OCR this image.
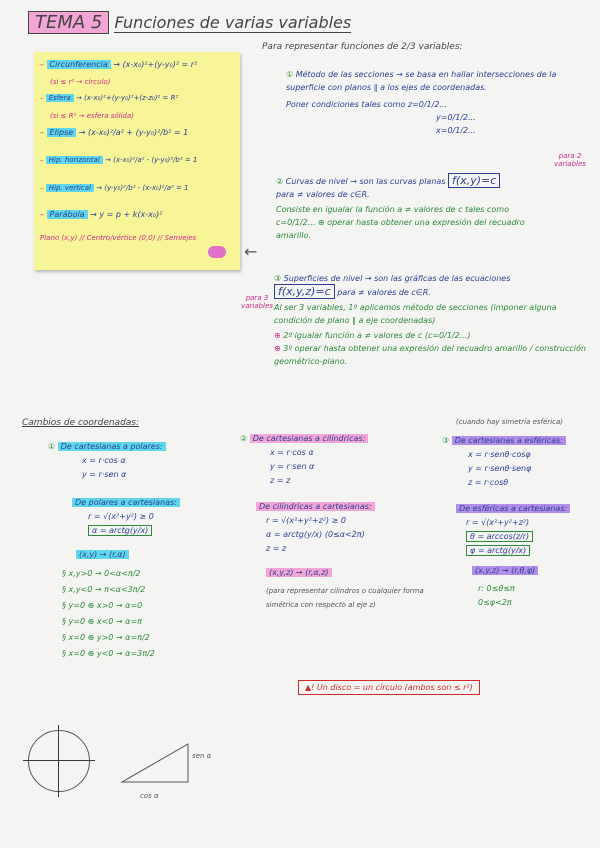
TEMA 5 Funciones de varias variables
– Circunferencia → (x-x₀)²+(y-y₀)² = r²
(si ≤ r² → círculo)
– Esfera → (x-x₀)²+(y-y₀)²+(z-z₀)² = R²
(si ≤ R² → esfera sólida)
– Elipse → (x-x₀)²/a² + (y-y₀)²/b² = 1
– Hip. horizontal → (x-x₀)²/a² - (y-y₀)²/b² = 1
– Hip. vertical → (y-y₀)²/b² - (x-x₀)²/a² = 1
– Parábola → y = p + k(x-x₀)²
Plano (x,y) // Centro/vértice (0,0) // Semiejes
←
Para representar funciones de 2/3 variables:
① Método de las secciones → se basa en hallar intersecciones de la superficie con planos ∥ a los ejes de coordenadas.
Poner condiciones tales como z=0/1/2...
y=0/1/2...
x=0/1/2...
② Curvas de nivel → son las curvas planas f(x,y)=c
para ≠ valores de c∈R.
Consiste en igualar la función a ≠ valores de c tales como c=0/1/2... ⊕ operar hasta obtener una expresión del recuadro amarillo.
para 2 variables
para 3 variables
③ Superficies de nivel → son las gráficas de las ecuaciones
f(x,y,z)=c para ≠ valores de c∈R.
Al ser 3 variables, 1º aplicamos método de secciones (imponer alguna condición de plano ∥ a eje coordenadas)
⊕ 2º igualar función a ≠ valores de c (c=0/1/2...)
⊕ 3º operar hasta obtener una expresión del recuadro amarillo / construcción geométrico-plano.
Cambios de coordenadas:
① De cartesianas a polares:
x = r·cos α
y = r·sen α
De polares a cartesianas:
r = √(x²+y²) ≥ 0
α = arctg(y/x)
(x,y) → (r,α)
§ x,y>0 → 0<α<π/2
§ x,y<0 → π<α<3π/2
§ y=0 ⊕ x>0 → α=0
§ y=0 ⊕ x<0 → α=π
§ x=0 ⊕ y>0 → α=π/2
§ x=0 ⊕ y<0 → α=3π/2
sen α
cos α
② De cartesianas a cilíndricas:
x = r·cos α
y = r·sen α
z = z
De cilíndricas a cartesianas:
r = √(x²+y²+z²) ≥ 0
α = arctg(y/x) (0≤α<2π)
z = z
(x,y,z) → (r,α,z)
(para representar cilindros o cualquier forma simétrica con respecto al eje z)
(cuando hay simetría esférica)
③ De cartesianas a esféricas:
x = r·senθ·cosφ
y = r·senθ·senφ
z = r·cosθ
De esféricas a cartesianas:
r = √(x²+y²+z²)
θ = arccos(z/r)
φ = arctg(y/x)
(x,y,z) → (r,θ,φ)
r: 0≤θ≤π
0≤φ<2π
▲! Un disco = un círculo (ambos son ≤ r²)
